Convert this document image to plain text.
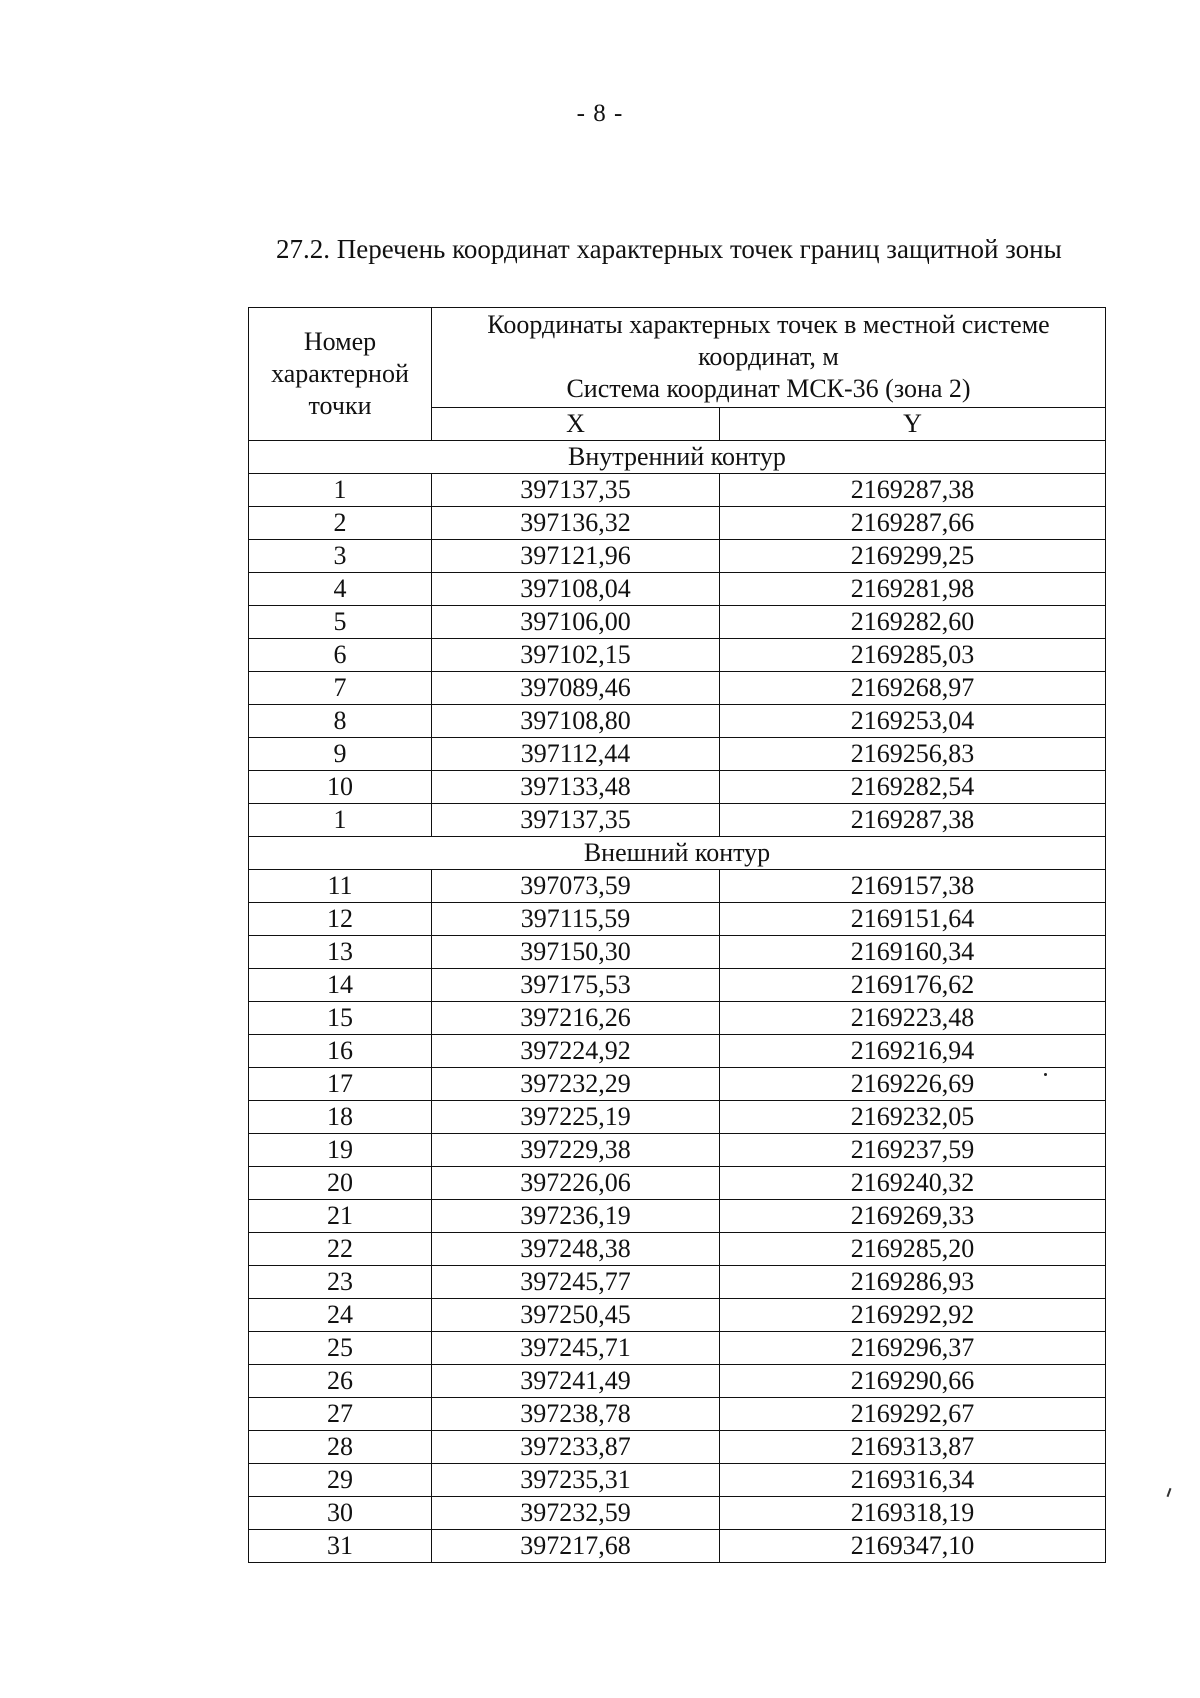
- 8 -
27.2. Перечень координат характерных точек границ защитной зоны
Номер
характерной
точки	Координаты характерных точек в местной системе
координат, м
Система координат МСК-36 (зона 2)	

	X	Y
Внутренний контур		
1	397137,35	2169287,38
2	397136,32	2169287,66
3	397121,96	2169299,25
4	397108,04	2169281,98
5	397106,00	2169282,60
6	397102,15	2169285,03
7	397089,46	2169268,97
8	397108,80	2169253,04
9	397112,44	2169256,83
10	397133,48	2169282,54
1	397137,35	2169287,38
Внешний контур		
11	397073,59	2169157,38
12	397115,59	2169151,64
13	397150,30	2169160,34
14	397175,53	2169176,62
15	397216,26	2169223,48
16	397224,92	2169216,94
17	397232,29	2169226,69
18	397225,19	2169232,05
19	397229,38	2169237,59
20	397226,06	2169240,32
21	397236,19	2169269,33
22	397248,38	2169285,20
23	397245,77	2169286,93
24	397250,45	2169292,92
25	397245,71	2169296,37
26	397241,49	2169290,66
27	397238,78	2169292,67
28	397233,87	2169313,87
29	397235,31	2169316,34
30	397232,59	2169318,19
31	397217,68	2169347,10
